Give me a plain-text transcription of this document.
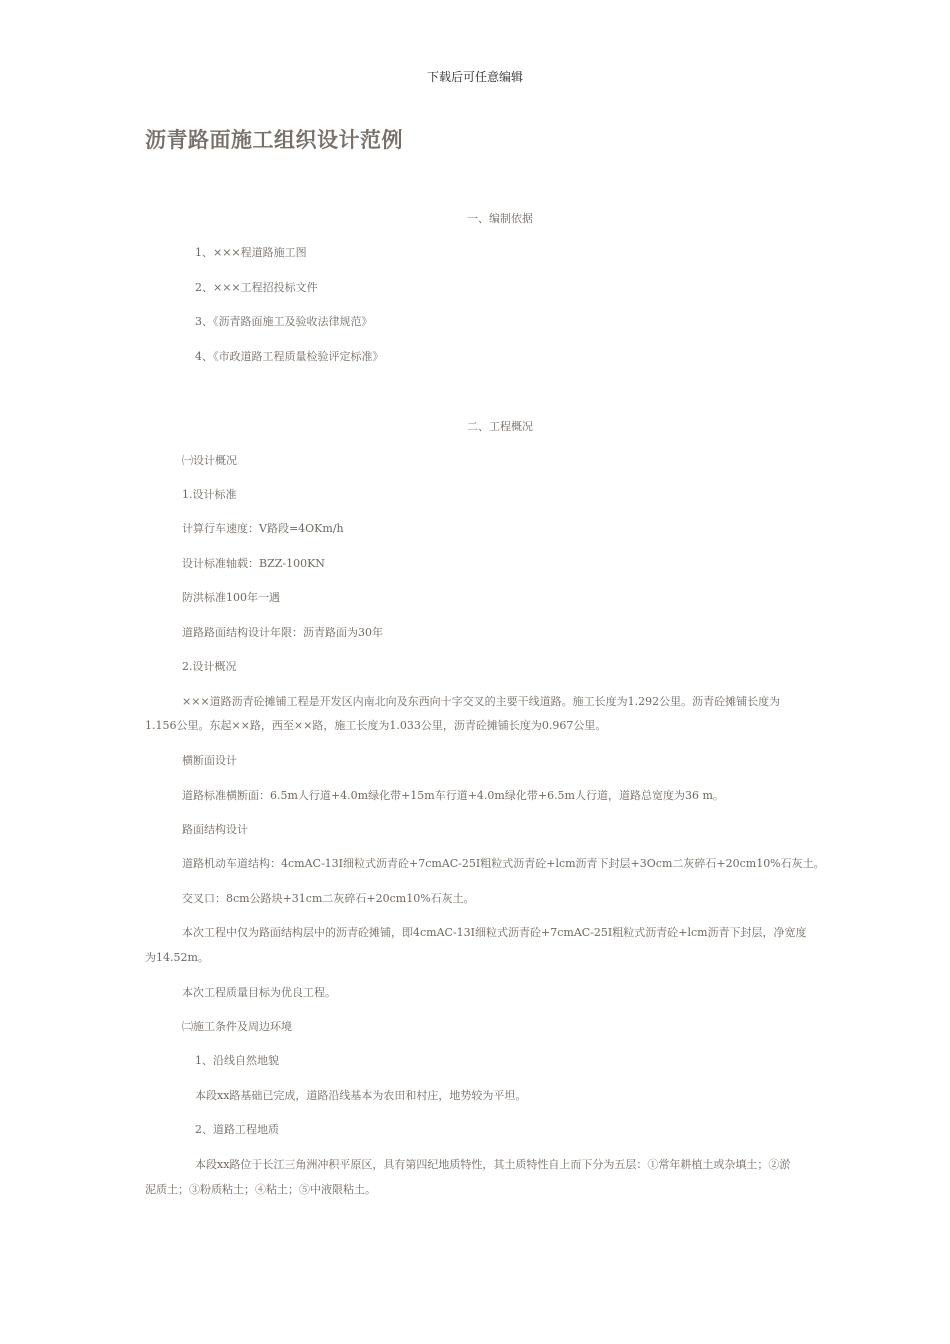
下载后可任意编辑
沥青路面施工组织设计范例
一、编制依据
1、×××程道路施工图
2、×××工程招投标文件
3、《沥青路面施工及验收法律规范》
4、《市政道路工程质量检验评定标准》
二、工程概况
㈠设计概况
1.设计标准
计算行车速度：V路段=4OKm/h
设计标准轴载：BZZ-100KN
防洪标准100年一遇
道路路面结构设计年限：沥青路面为30年
2.设计概况
×××道路沥青砼摊铺工程是开发区内南北向及东西向十字交叉的主要干线道路。施工长度为1.292公里。沥青砼摊铺长度为
1.156公里。东起××路，西至××路，施工长度为1.033公里，沥青砼摊铺长度为0.967公里。
横断面设计
道路标准横断面：6.5m人行道+4.0m绿化带+15m车行道+4.0m绿化带+6.5m人行道，道路总宽度为36 m。
路面结构设计
道路机动车道结构：4cmAC-13I细粒式沥青砼+7cmAC-25I粗粒式沥青砼+lcm沥青下封层+3Ocm二灰碎石+20cm10%石灰土。
交叉口：8cm公路块+31cm二灰碎石+20cm10%石灰土。
本次工程中仅为路面结构层中的沥青砼摊铺，即4cmAC-13I细粒式沥青砼+7cmAC-25I粗粒式沥青砼+lcm沥青下封层，净宽度
为14.52m。
本次工程质量目标为优良工程。
㈡施工条件及周边环境
1、沿线自然地貌
本段xx路基础已完成，道路沿线基本为农田和村庄，地势较为平坦。
2、道路工程地质
本段xx路位于长江三角洲冲积平原区，具有第四纪地质特性，其土质特性自上而下分为五层：①常年耕植土或杂填土；②淤
泥质土；③粉质粘土；④粘土；⑤中液限粘土。
